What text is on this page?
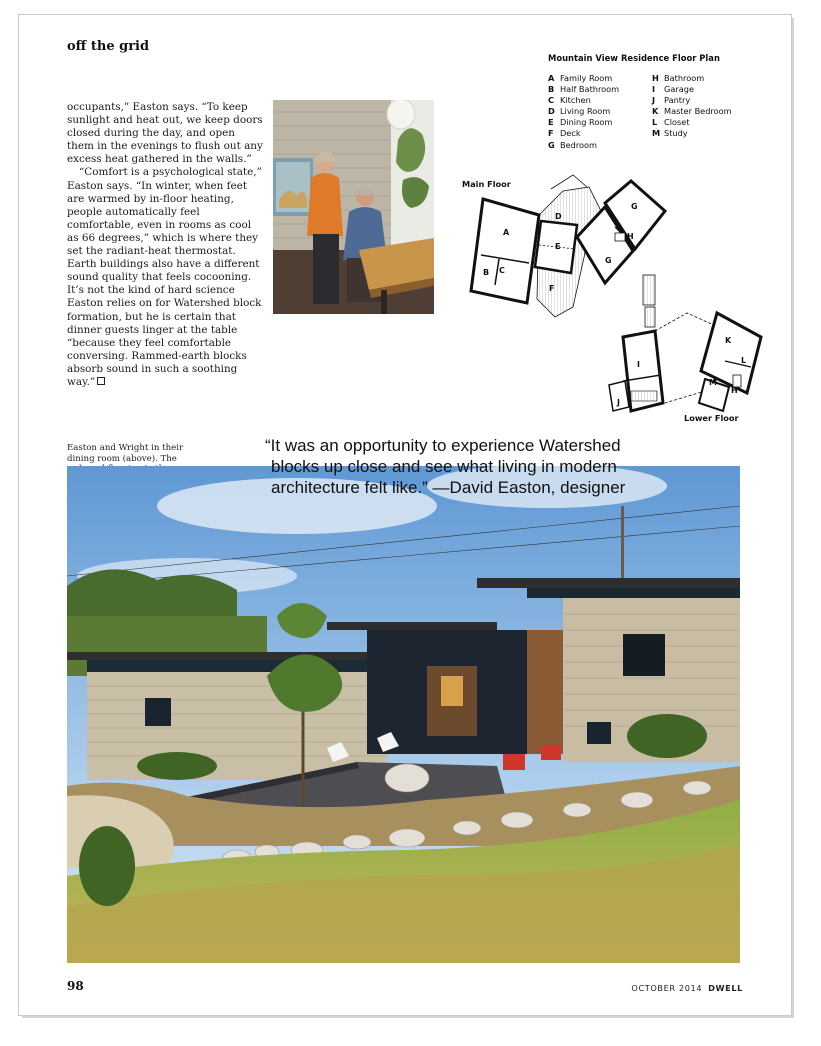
off the grid

occupants,” Easton says. “To keep sunlight and heat out, we keep doors closed during the day, and open them in the evenings to flush out any excess heat gathered in the walls.”

“Comfort is a psychological state,” Easton says. “In winter, when feet are warmed by in-floor heating, people automatically feel comfortable, even in rooms as cool as 66 degrees,” which is where they set the radiant-heat thermostat. Earth buildings also have a different sound quality that feels cocooning. It’s not the kind of hard science Easton relies on for Watershed block formation, but he is certain that dinner guests linger at the table “because they feel comfortable conversing. Rammed-earth blocks absorb sound in such a soothing way.”

Mountain View Residence Floor Plan
A Family Room
B Half Bathroom
C Kitchen
D Living Room
E Dining Room
F Deck
G Bedroom
H Bathroom
I Garage
J Pantry
K Master Bedroom
L Closet
M Study
Main Floor
Lower Floor
A
B C
D
E
F
G
G
H
I
J
K
L
M
H
Easton and Wright in their dining room (above). The
“It was an opportunity to experience Watershed
blocks up close and see what living in modern
architecture felt like.” —David Easton, designer
98	OCTOBER 2014 DWELL
